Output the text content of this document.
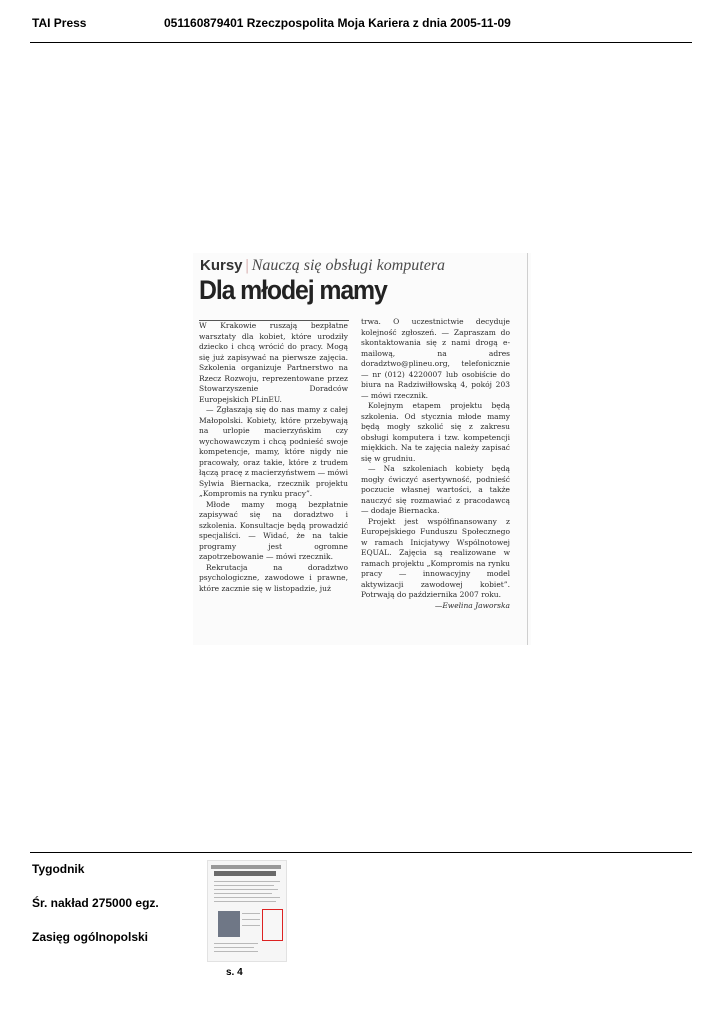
TAI Press	051160879401 Rzeczpospolita Moja Kariera z dnia 2005-11-09
Kursy | Nauczą się obsługi komputera
Dla młodej mamy

W Krakowie ruszają bezpłatne warsztaty dla kobiet, które urodziły dziecko i chcą wrócić do pracy. Mogą się już zapisywać na pierwsze zajęcia. Szkolenia organizuje Partnerstwo na Rzecz Rozwoju, reprezentowane przez Stowarzyszenie Doradców Europejskich PLinEU.

— Zgłaszają się do nas mamy z całej Małopolski. Kobiety, które przebywają na urlopie macierzyńskim czy wychowawczym i chcą podnieść swoje kompetencje, mamy, które nigdy nie pracowały, oraz takie, które z trudem łączą pracę z macierzyństwem — mówi Sylwia Biernacka, rzecznik projektu „Kompromis na rynku pracy”.

Młode mamy mogą bezpłatnie zapisywać się na doradztwo i szkolenia. Konsultacje będą prowadzić specjaliści. — Widać, że na takie programy jest ogromne zapotrzebowanie — mówi rzecznik.

Rekrutacja na doradztwo psychologiczne, zawodowe i prawne, które zacznie się w listopadzie, już

trwa. O uczestnictwie decyduje kolejność zgłoszeń. — Zapraszam do skontaktowania się z nami drogą e-mailową, na adres doradztwo@plineu.org, telefonicznie — nr (012) 4220007 lub osobiście do biura na Radziwiłłowską 4, pokój 203 — mówi rzecznik.

Kolejnym etapem projektu będą szkolenia. Od stycznia młode mamy będą mogły szkolić się z zakresu obsługi komputera i tzw. kompetencji miękkich. Na te zajęcia należy zapisać się w grudniu.

— Na szkoleniach kobiety będą mogły ćwiczyć asertywność, podnieść poczucie własnej wartości, a także nauczyć się rozmawiać z pracodawcą — dodaje Biernacka.

Projekt jest współfinansowany z Europejskiego Funduszu Społecznego w ramach Inicjatywy Wspólnotowej EQUAL. Zajęcia są realizowane w ramach projektu „Kompromis na rynku pracy — innowacyjny model aktywizacji zawodowej kobiet”. Potrwają do października 2007 roku.

—Ewelina Jaworska

Tygodnik
Śr. nakład 275000 egz.
Zasięg ogólnopolski
s. 4
